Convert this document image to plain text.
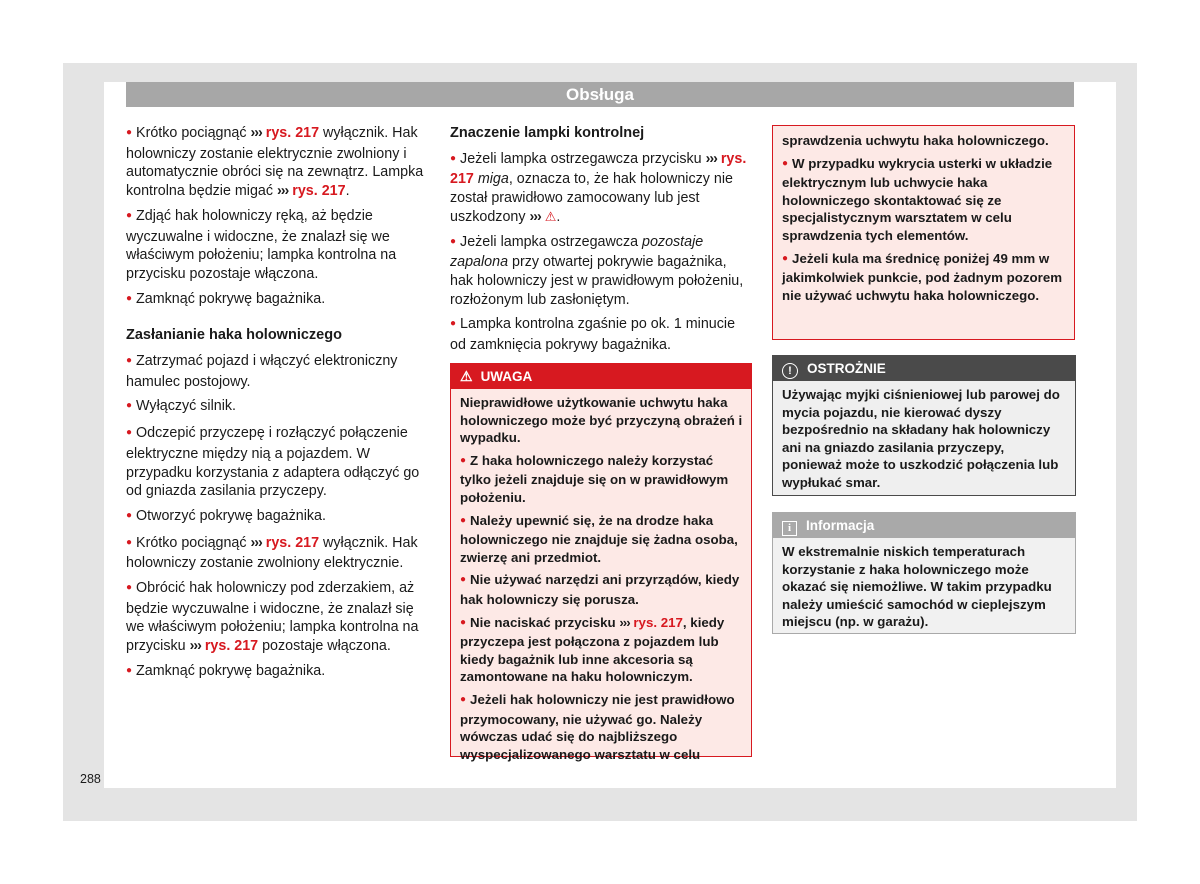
Obsługa

● Krótko pociągnąć ››› rys. 217 wyłącznik. Hak holowniczy zostanie elektrycznie zwolniony i automatycznie obróci się na zewnątrz. Lampka kontrolna będzie migać ››› rys. 217.

● Zdjąć hak holowniczy ręką, aż będzie wyczuwalne i widoczne, że znalazł się we właściwym położeniu; lampka kontrolna na przycisku pozostaje włączona.

● Zamknąć pokrywę bagażnika.

Zasłanianie haka holowniczego

● Zatrzymać pojazd i włączyć elektroniczny hamulec postojowy.

● Wyłączyć silnik.

● Odczepić przyczepę i rozłączyć połączenie elektryczne między nią a pojazdem. W przypadku korzystania z adaptera odłączyć go od gniazda zasilania przyczepy.

● Otworzyć pokrywę bagażnika.

● Krótko pociągnąć ››› rys. 217 wyłącznik. Hak holowniczy zostanie zwolniony elektrycznie.

● Obrócić hak holowniczy pod zderzakiem, aż będzie wyczuwalne i widoczne, że znalazł się we właściwym położeniu; lampka kontrolna na przycisku ››› rys. 217 pozostaje włączona.

● Zamknąć pokrywę bagażnika.

Znaczenie lampki kontrolnej

● Jeżeli lampka ostrzegawcza przycisku ››› rys. 217 miga, oznacza to, że hak holowniczy nie został prawidłowo zamocowany lub jest uszkodzony ››› ⚠.

● Jeżeli lampka ostrzegawcza pozostaje zapalona przy otwartej pokrywie bagażnika, hak holowniczy jest w prawidłowym położeniu, rozłożonym lub zasłoniętym.

● Lampka kontrolna zgaśnie po ok. 1 minucie od zamknięcia pokrywy bagażnika.

⚠ UWAGA

Nieprawidłowe użytkowanie uchwytu haka holowniczego może być przyczyną obrażeń i wypadku.

● Z haka holowniczego należy korzystać tylko jeżeli znajduje się on w prawidłowym położeniu.

● Należy upewnić się, że na drodze haka holowniczego nie znajduje się żadna osoba, zwierzę ani przedmiot.

● Nie używać narzędzi ani przyrządów, kiedy hak holowniczy się porusza.

● Nie naciskać przycisku ››› rys. 217, kiedy przyczepa jest połączona z pojazdem lub kiedy bagażnik lub inne akcesoria są zamontowane na haku holowniczym.

● Jeżeli hak holowniczy nie jest prawidłowo przymocowany, nie używać go. Należy wówczas udać się do najbliższego wyspecjalizowanego warsztatu w celu

sprawdzenia uchwytu haka holowniczego.

● W przypadku wykrycia usterki w układzie elektrycznym lub uchwycie haka holowniczego skontaktować się ze specjalistycznym warsztatem w celu sprawdzenia tych elementów.

● Jeżeli kula ma średnicę poniżej 49 mm w jakimkolwiek punkcie, pod żadnym pozorem nie używać uchwytu haka holowniczego.

! OSTROŻNIE

Używając myjki ciśnieniowej lub parowej do mycia pojazdu, nie kierować dyszy bezpośrednio na składany hak holowniczy ani na gniazdo zasilania przyczepy, ponieważ może to uszkodzić połączenia lub wypłukać smar.

i Informacja

W ekstremalnie niskich temperaturach korzystanie z haka holowniczego może okazać się niemożliwe. W takim przypadku należy umieścić samochód w cieplejszym miejscu (np. w garażu).

288
